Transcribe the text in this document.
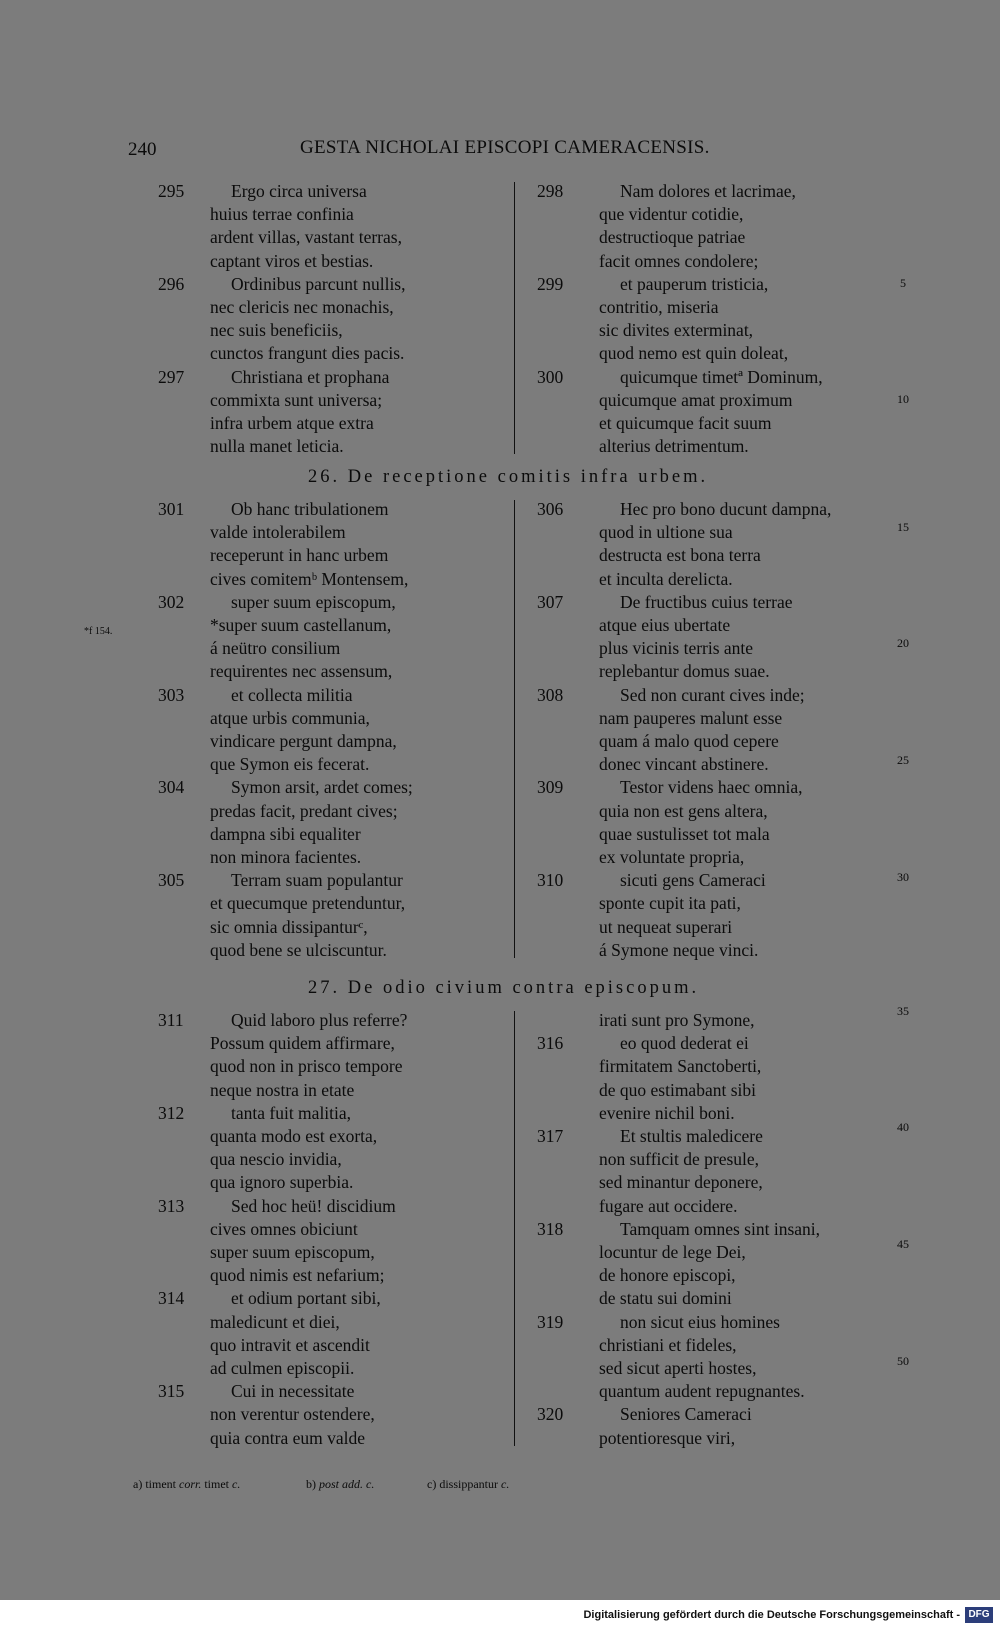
240	GESTA NICHOLAI EPISCOPI CAMERACENSIS.
295	Ergo circa universa
huius terrae confinia
ardent villas, vastant terras,
captant viros et bestias.
296	Ordinibus parcunt nullis,
nec clericis nec monachis,
nec suis beneficiis,
cunctos frangunt dies pacis.
297	Christiana et prophana
commixta sunt universa;
infra urbem atque extra
nulla manet leticia.
298	Nam dolores et lacrimae,
que videntur cotidie,
destructioque patriae
facit omnes condolere;
299	et pauperum tristicia,
contritio, miseria
sic divites exterminat,
quod nemo est quin doleat,
300	quicumque timetª Dominum,
quicumque amat proximum
et quicumque facit suum
alterius detrimentum.
26. De receptione comitis infra urbem.
301	Ob hanc tribulationem
valde intolerabilem
receperunt in hanc urbem
cives comitemᵇ Montensem,
302	super suum episcopum,
*super suum castellanum,
á neütro consilium
requirentes nec assensum,
303	et collecta militia
atque urbis communia,
vindicare pergunt dampna,
que Symon eis fecerat.
304	Symon arsit, ardet comes;
predas facit, predant cives;
dampna sibi equaliter
non minora facientes.
305	Terram suam populantur
et quecumque pretenduntur,
sic omnia dissipanturᶜ,
quod bene se ulciscuntur.
306	Hec pro bono ducunt dampna,
quod in ultione sua
destructa est bona terra
et inculta derelicta.
307	De fructibus cuius terrae
atque eius ubertate
plus vicinis terris ante
replebantur domus suae.
308	Sed non curant cives inde;
nam pauperes malunt esse
quam á malo quod cepere
donec vincant abstinere.
309	Testor videns haec omnia,
quia non est gens altera,
quae sustulisset tot mala
ex voluntate propria,
310	sicuti gens Cameraci
sponte cupit ita pati,
ut nequeat superari
á Symone neque vinci.
27. De odio civium contra episcopum.
311	Quid laboro plus referre?
Possum quidem affirmare,
quod non in prisco tempore
neque nostra in etate
312	tanta fuit malitia,
quanta modo est exorta,
qua nescio invidia,
qua ignoro superbia.
313	Sed hoc heü! discidium
cives omnes obiciunt
super suum episcopum,
quod nimis est nefarium;
314	et odium portant sibi,
maledicunt et diei,
quo intravit et ascendit
ad culmen episcopii.
315	Cui in necessitate
non verentur ostendere,
quia contra eum valde
irati sunt pro Symone,
316	eo quod dederat ei
firmitatem Sanctoberti,
de quo estimabant sibi
evenire nichil boni.
317	Et stultis maledicere
non sufficit de presule,
sed minantur deponere,
fugare aut occidere.
318	Tamquam omnes sint insani,
locuntur de lege Dei,
de honore episcopi,
de statu sui domini
319	non sicut eius homines
christiani et fideles,
sed sicut aperti hostes,
quantum audent repugnantes.
320	Seniores Cameraci
potentioresque viri,
5
10
15
20
25
30
35
40
45
50
*f 154.
a) timent corr. timet c.	b) post add. c.	c) dissippantur c.
Digitalisierung gefördert durch die Deutsche Forschungsgemeinschaft - DFG
